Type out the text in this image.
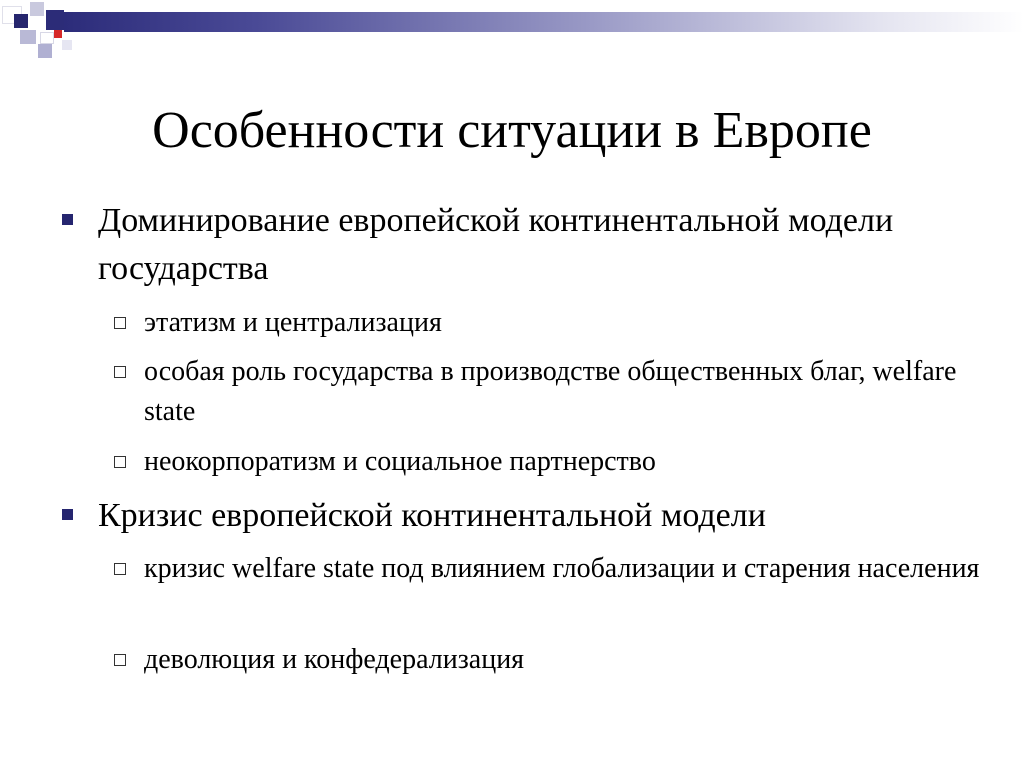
Особенности ситуации в Европе
Доминирование европейской континентальной модели государства
этатизм и централизация
особая роль государства в производстве общественных благ, welfare state
неокорпоратизм и социальное партнерство
Кризис европейской континентальной модели
кризис welfare state под влиянием глобализации и старения населения
деволюция и конфедерализация
